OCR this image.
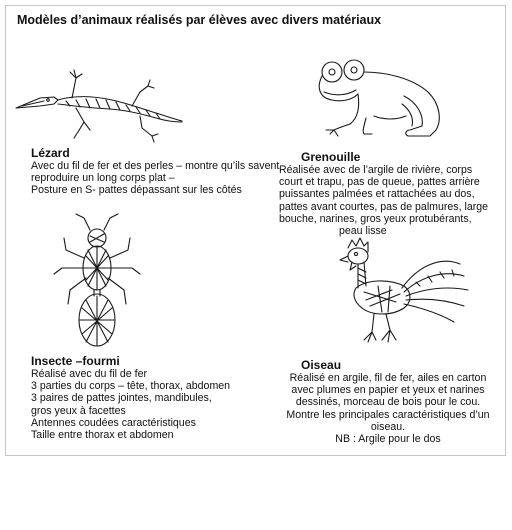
Modèles d’animaux réalisés par élèves avec divers matériaux
Lézard
Avec du fil de fer et des perles – montre qu’ils savent
reproduire un long corps plat –
Posture en S- pattes dépassant sur les côtés
Grenouille
Réalisée avec de l’argile de rivière, corps
court et trapu, pas de queue, pattes arrière
puissantes palmées et rattachées au dos,
pattes avant courtes, pas de palmures, large
bouche, narines, gros yeux protubérants,
peau lisse
Insecte –fourmi
Réalisé avec du fil de fer
3 parties du corps – tête, thorax, abdomen
3 paires de pattes jointes, mandibules,
gros yeux à facettes
Antennes coudées caractéristiques
Taille entre thorax et abdomen
Oiseau
Réalisé en argile, fil de fer, ailes en carton
avec plumes en papier et yeux et narines
dessinés, morceau de bois pour le cou.
Montre les principales caractéristiques d’un
oiseau.
NB : Argile pour le dos
